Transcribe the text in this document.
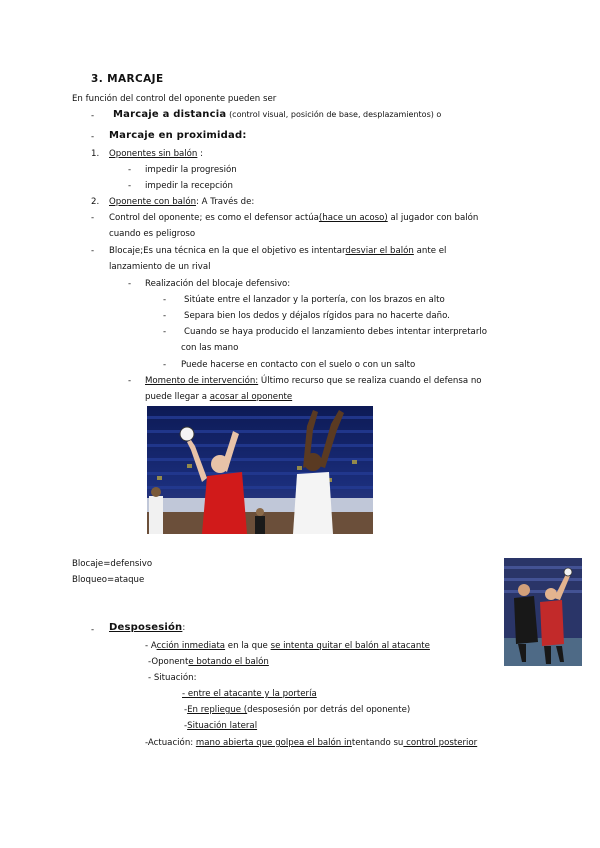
3. MARCAJE
En función del control del oponente pueden ser
- Marcaje a distancia (control visual, posición de base, desplazamientos) o
- Marcaje en proximidad:
1. Oponentes sin balón :
- impedir la progresión
- impedir la recepción
2. Oponente con balón: A Través de:
- Control del oponente; es como el defensor actúa(hace un acoso) al jugador con balón
cuando es peligroso
- Blocaje;Es una técnica en la que el objetivo es intentardesviar el balón ante el
lanzamiento de un rival
- Realización del blocaje defensivo:
- Sitúate entre el lanzador y la portería, con los brazos en alto
- Separa bien los dedos y déjalos rígidos para no hacerte daño.
- Cuando se haya producido el lanzamiento debes intentar interpretarlo
con las mano
- Puede hacerse en contacto con el suelo o con un salto
- Momento de intervención: Último recurso que se realiza cuando el defensa no
puede llegar a acosar al oponente
Blocaje=defensivo
Bloqueo=ataque
- Desposesión:
- Acción inmediata en la que se intenta quitar el balón al atacante
-Oponente botando el balón
- Situación:
- entre el atacante y la portería
-En repliegue (desposesión por detrás del oponente)
-Situación lateral
-Actuación: mano abierta que golpea el balón intentando su control posterior
